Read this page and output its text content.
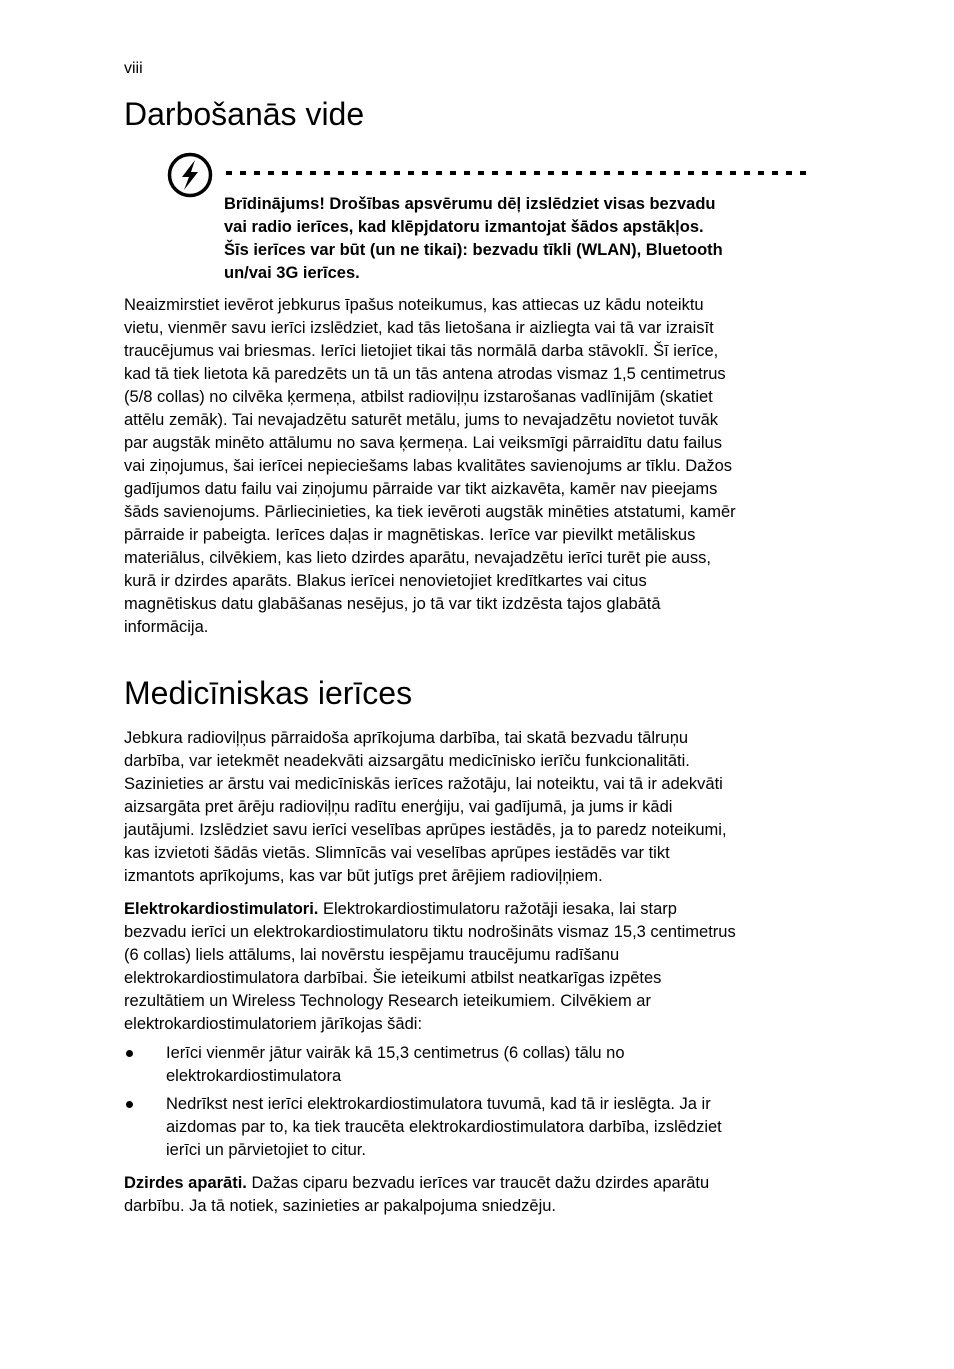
viii
Darbošanās vide

Brīdinājums! Drošības apsvērumu dēļ izslēdziet visas bezvadu
vai radio ierīces, kad klēpjdatoru izmantojat šādos apstākļos.
Šīs ierīces var būt (un ne tikai): bezvadu tīkli (WLAN), Bluetooth
un/vai 3G ierīces.

Neaizmirstiet ievērot jebkurus īpašus noteikumus, kas attiecas uz kādu noteiktu
vietu, vienmēr savu ierīci izslēdziet, kad tās lietošana ir aizliegta vai tā var izraisīt
traucējumus vai briesmas. Ierīci lietojiet tikai tās normālā darba stāvoklī. Šī ierīce,
kad tā tiek lietota kā paredzēts un tā un tās antena atrodas vismaz 1,5 centimetrus
(5/8 collas) no cilvēka ķermeņa, atbilst radioviļņu izstarošanas vadlīnijām (skatiet
attēlu zemāk). Tai nevajadzētu saturēt metālu, jums to nevajadzētu novietot tuvāk
par augstāk minēto attālumu no sava ķermeņa. Lai veiksmīgi pārraidītu datu failus
vai ziņojumus, šai ierīcei nepieciešams labas kvalitātes savienojums ar tīklu. Dažos
gadījumos datu failu vai ziņojumu pārraide var tikt aizkavēta, kamēr nav pieejams
šāds savienojums. Pārliecinieties, ka tiek ievēroti augstāk minēties atstatumi, kamēr
pārraide ir pabeigta. Ierīces daļas ir magnētiskas. Ierīce var pievilkt metāliskus
materiālus, cilvēkiem, kas lieto dzirdes aparātu, nevajadzētu ierīci turēt pie auss,
kurā ir dzirdes aparāts. Blakus ierīcei nenovietojiet kredītkartes vai citus
magnētiskus datu glabāšanas nesējus, jo tā var tikt izdzēsta tajos glabātā
informācija.

Medicīniskas ierīces

Jebkura radioviļņus pārraidoša aprīkojuma darbība, tai skatā bezvadu tālruņu
darbība, var ietekmēt neadekvāti aizsargātu medicīnisko ierīču funkcionalitāti.
Sazinieties ar ārstu vai medicīniskās ierīces ražotāju, lai noteiktu, vai tā ir adekvāti
aizsargāta pret ārēju radioviļņu radītu enerģiju, vai gadījumā, ja jums ir kādi
jautājumi. Izslēdziet savu ierīci veselības aprūpes iestādēs, ja to paredz noteikumi,
kas izvietoti šādās vietās. Slimnīcās vai veselības aprūpes iestādēs var tikt
izmantots aprīkojums, kas var būt jutīgs pret ārējiem radioviļņiem.

Elektrokardiostimulatori. Elektrokardiostimulatoru ražotāji iesaka, lai starp
bezvadu ierīci un elektrokardiostimulatoru tiktu nodrošināts vismaz 15,3 centimetrus
(6 collas) liels attālums, lai novērstu iespējamu traucējumu radīšanu
elektrokardiostimulatora darbībai. Šie ieteikumi atbilst neatkarīgas izpētes
rezultātiem un Wireless Technology Research ieteikumiem. Cilvēkiem ar
elektrokardiostimulatoriem jārīkojas šādi:

Ierīci vienmēr jātur vairāk kā 15,3 centimetrus (6 collas) tālu no
elektrokardiostimulatora
Nedrīkst nest ierīci elektrokardiostimulatora tuvumā, kad tā ir ieslēgta. Ja ir
aizdomas par to, ka tiek traucēta elektrokardiostimulatora darbība, izslēdziet
ierīci un pārvietojiet to citur.

Dzirdes aparāti. Dažas ciparu bezvadu ierīces var traucēt dažu dzirdes aparātu
darbību. Ja tā notiek, sazinieties ar pakalpojuma sniedzēju.
